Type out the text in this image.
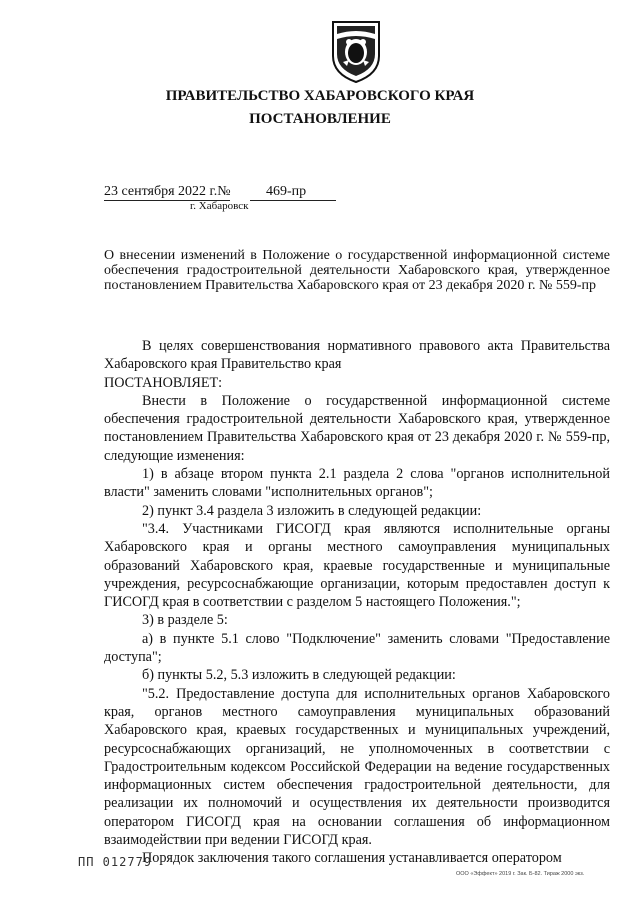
ПРАВИТЕЛЬСТВО ХАБАРОВСКОГО КРАЯ
ПОСТАНОВЛЕНИЕ
23 сентября 2022 г.№	469-пр
г. Хабаровск
О внесении изменений в Положение о государственной информационной системе обеспечения градостроительной деятельности Хабаровского края, утвержденное постановлением Правительства Хабаровского края от 23 декабря 2020 г. № 559-пр

В целях совершенствования нормативного правового акта Правительства Хабаровского края Правительство края

ПОСТАНОВЛЯЕТ:

Внести в Положение о государственной информационной системе обеспечения градостроительной деятельности Хабаровского края, утвержденное постановлением Правительства Хабаровского края от 23 декабря 2020 г. № 559-пр, следующие изменения:

1) в абзаце втором пункта 2.1 раздела 2 слова "органов исполнительной власти" заменить словами "исполнительных органов";

2) пункт 3.4 раздела 3 изложить в следующей редакции:

"3.4. Участниками ГИСОГД края являются исполнительные органы Хабаровского края и органы местного самоуправления муниципальных образований Хабаровского края, краевые государственные и муниципальные учреждения, ресурсоснабжающие организации, которым предоставлен доступ к ГИСОГД края в соответствии с разделом 5 настоящего Положения.";

3) в разделе 5:

а) в пункте 5.1 слово "Подключение" заменить словами "Предоставление доступа";

б) пункты 5.2, 5.3 изложить в следующей редакции:

"5.2. Предоставление доступа для исполнительных органов Хабаровского края, органов местного самоуправления муниципальных образований Хабаровского края, краевых государственных и муниципальных учреждений, ресурсоснабжающих организаций, не уполномоченных в соответствии с Градостроительным кодексом Российской Федерации на ведение государственных информационных систем обеспечения градостроительной деятельности, для реализации их полномочий и осуществления их деятельности производится оператором ГИСОГД края на основании соглашения об информационном взаимодействии при ведении ГИСОГД края.

Порядок заключения такого соглашения устанавливается оператором

ПП 012779
ООО «Эффект» 2019 г. Зак. Б-82. Тираж 2000 экз.
